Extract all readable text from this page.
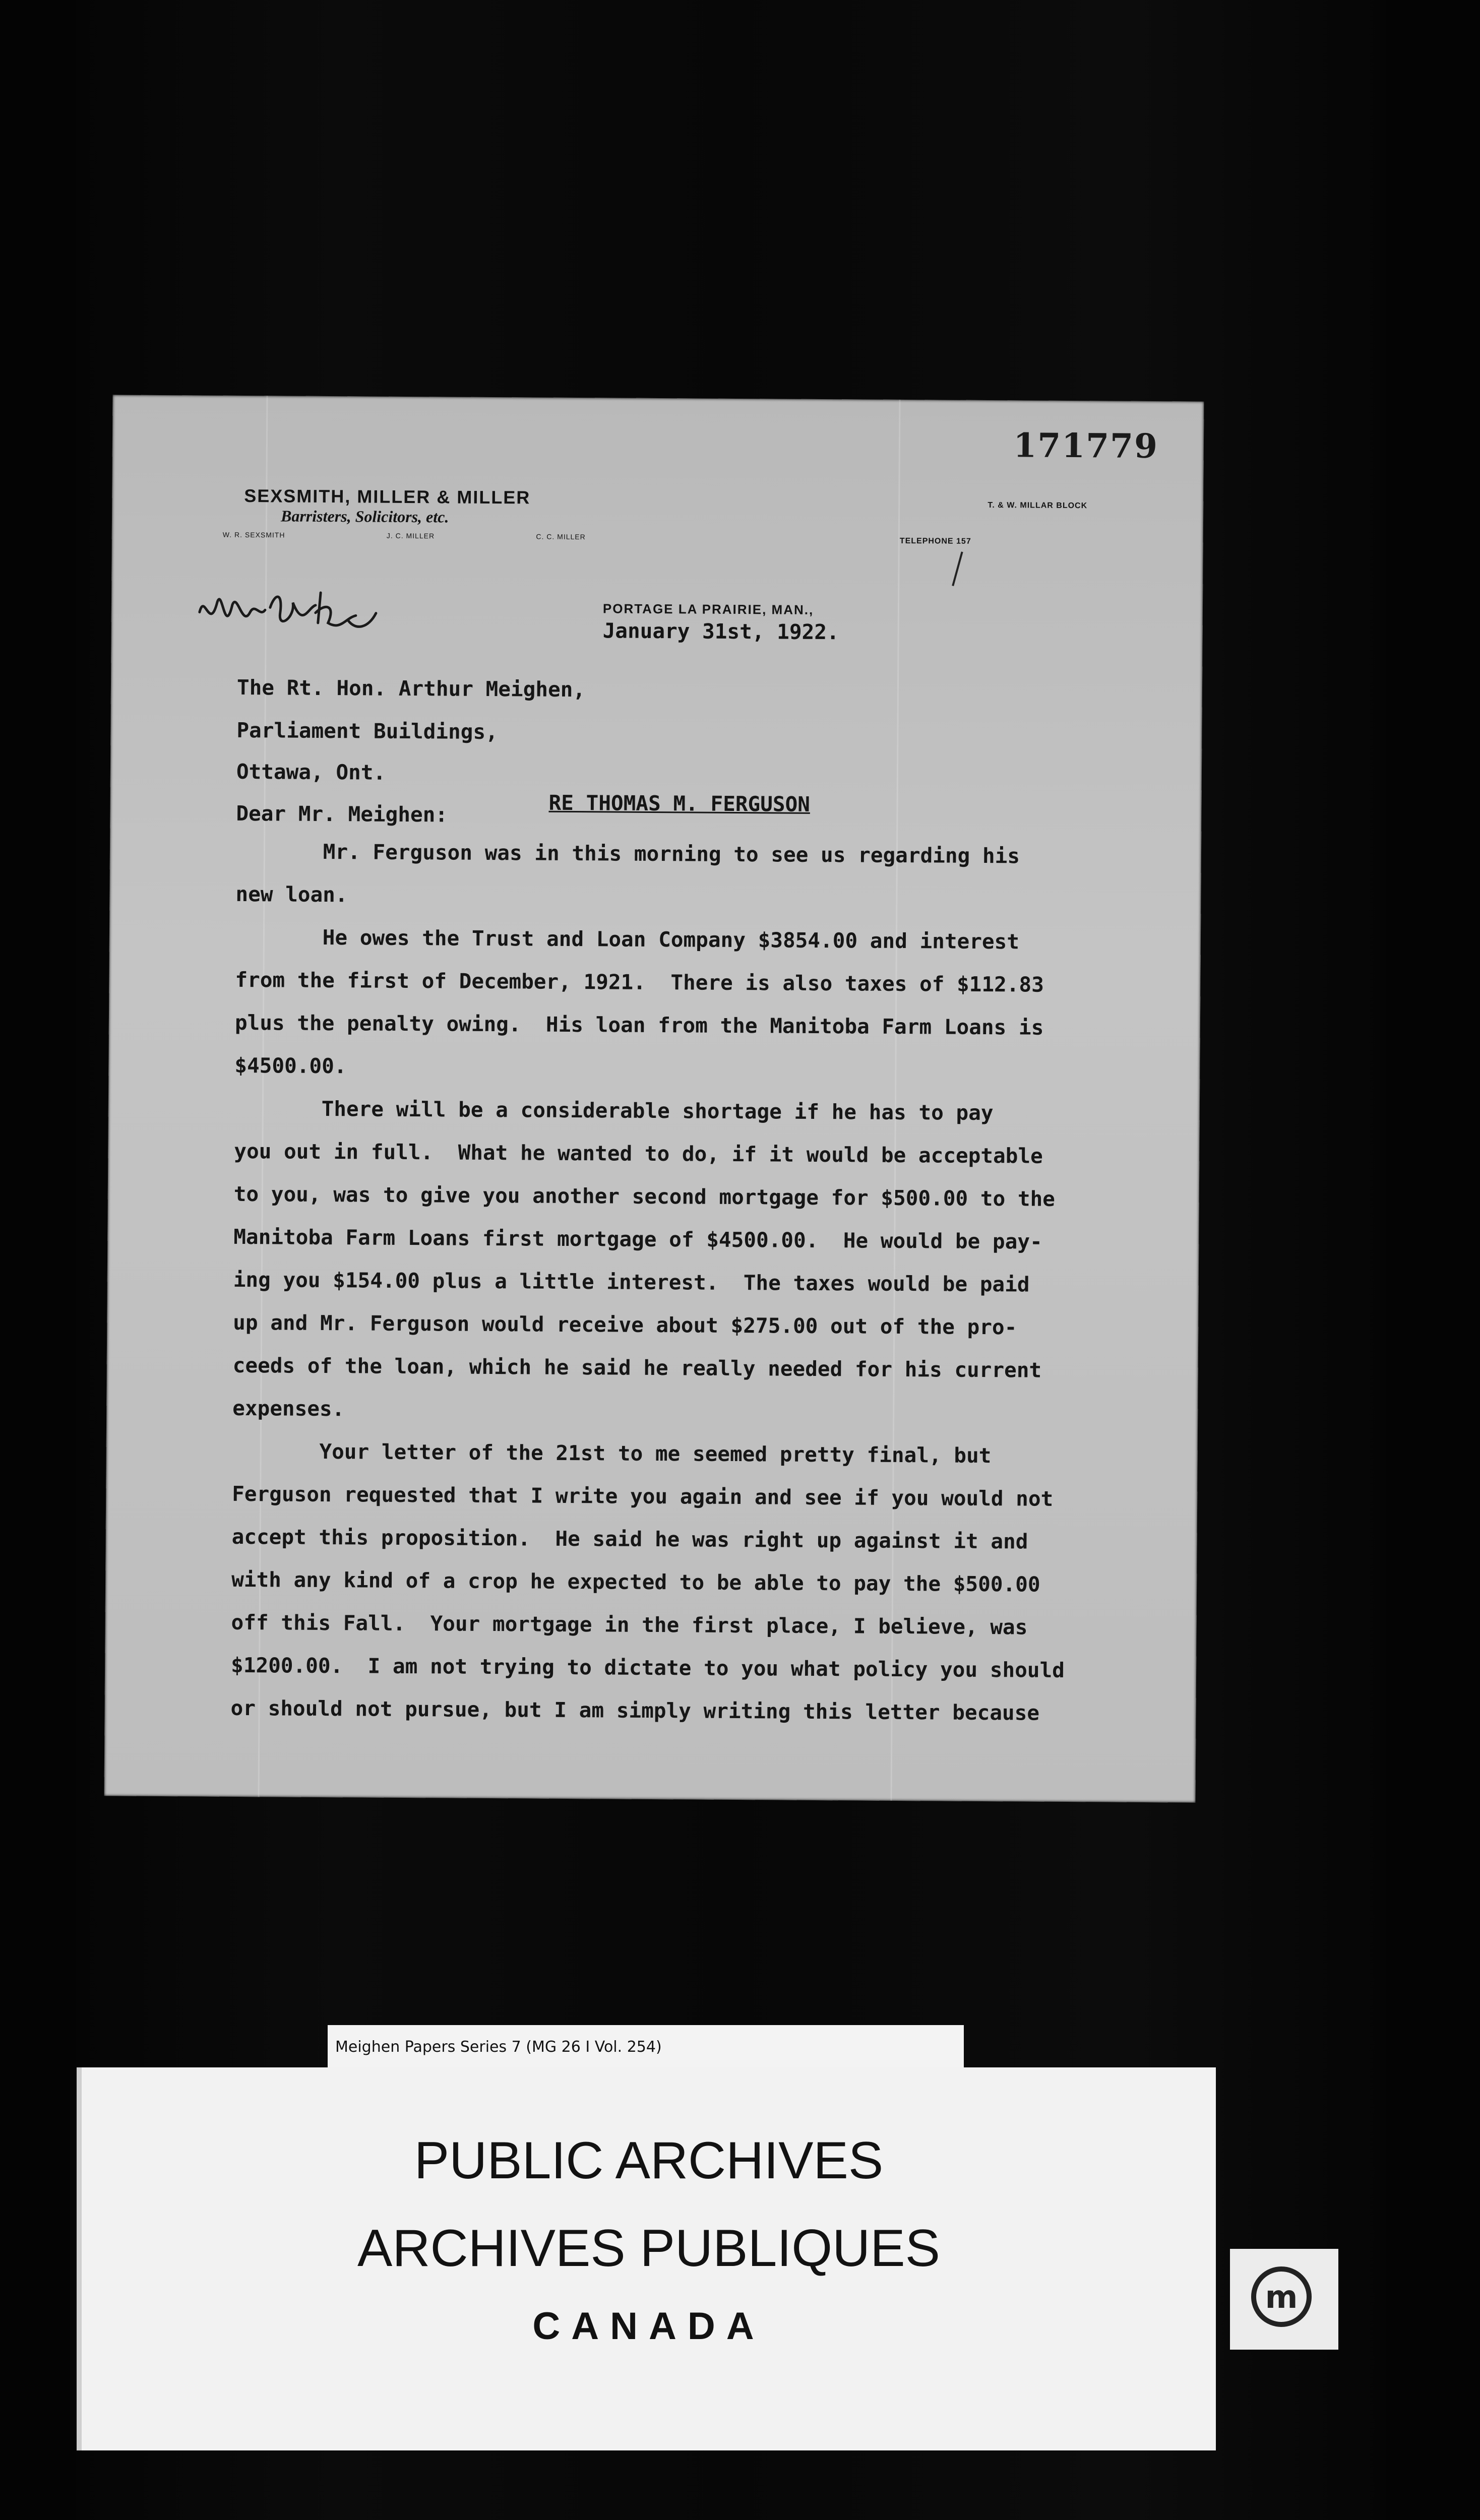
171779
SEXSMITH, MILLER & MILLER
Barristers, Solicitors, etc.
W. R. SEXSMITH	J. C. MILLER	C. C. MILLER
T. & W. MILLAR BLOCK
TELEPHONE 157
PORTAGE LA PRAIRIE, MAN.,
January 31st, 1922.
The Rt. Hon. Arthur Meighen,
Parliament Buildings,
Ottawa, Ont.
Dear Mr. Meighen:	RE THOMAS M. FERGUSON
Mr. Ferguson was in this morning to see us regarding his
new loan.
He owes the Trust and Loan Company $3854.00 and interest
from the first of December, 1921.  There is also taxes of $112.83
plus the penalty owing.  His loan from the Manitoba Farm Loans is
$4500.00.
There will be a considerable shortage if he has to pay
you out in full.  What he wanted to do, if it would be acceptable
to you, was to give you another second mortgage for $500.00 to the
Manitoba Farm Loans first mortgage of $4500.00.  He would be pay-
ing you $154.00 plus a little interest.  The taxes would be paid
up and Mr. Ferguson would receive about $275.00 out of the pro-
ceeds of the loan, which he said he really needed for his current
expenses.
Your letter of the 21st to me seemed pretty final, but
Ferguson requested that I write you again and see if you would not
accept this proposition.  He said he was right up against it and
with any kind of a crop he expected to be able to pay the $500.00
off this Fall.  Your mortgage in the first place, I believe, was
$1200.00.  I am not trying to dictate to you what policy you should
or should not pursue, but I am simply writing this letter because
Meighen Papers Series 7 (MG 26 I Vol. 254)
PUBLIC ARCHIVES
ARCHIVES PUBLIQUES
CANADA
m
